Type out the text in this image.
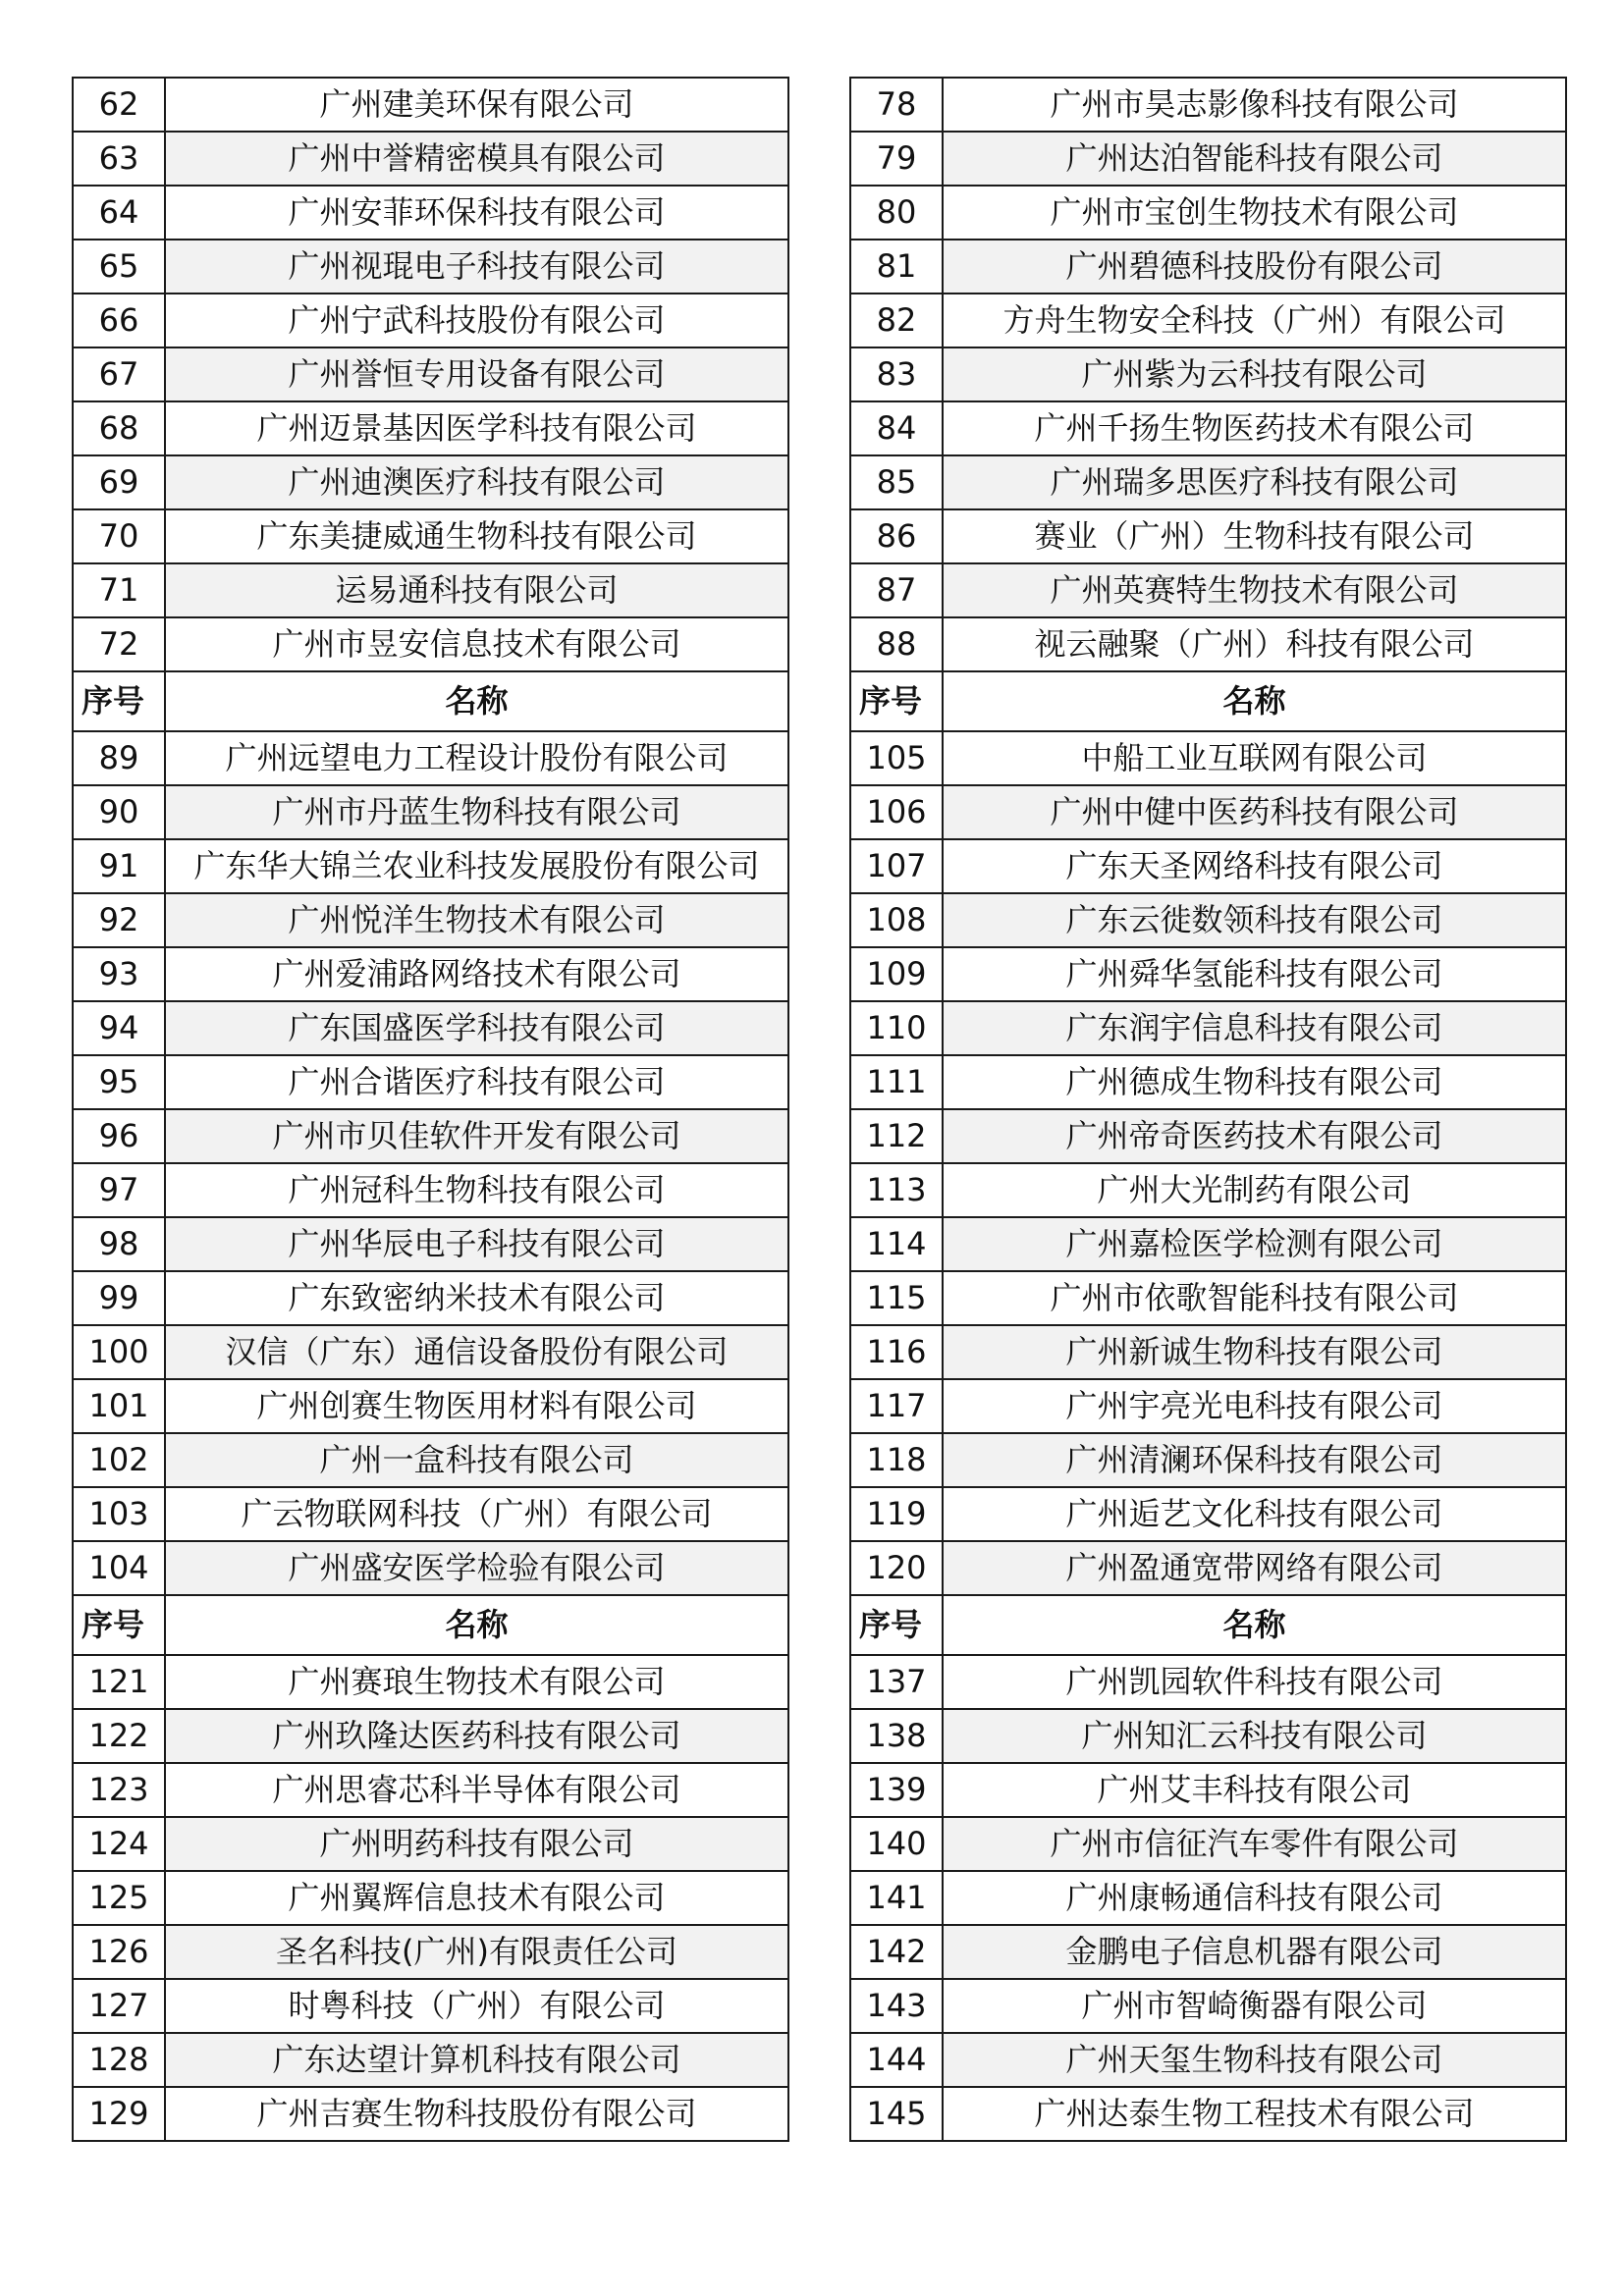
62	广州建美环保有限公司
63	广州中誉精密模具有限公司
64	广州安菲环保科技有限公司
65	广州视琨电子科技有限公司
66	广州宁武科技股份有限公司
67	广州誉恒专用设备有限公司
68	广州迈景基因医学科技有限公司
69	广州迪澳医疗科技有限公司
70	广东美捷威通生物科技有限公司
71	运易通科技有限公司
72	广州市昱安信息技术有限公司
序号	名称
89	广州远望电力工程设计股份有限公司
90	广州市丹蓝生物科技有限公司
91	广东华大锦兰农业科技发展股份有限公司
92	广州悦洋生物技术有限公司
93	广州爱浦路网络技术有限公司
94	广东国盛医学科技有限公司
95	广州合谐医疗科技有限公司
96	广州市贝佳软件开发有限公司
97	广州冠科生物科技有限公司
98	广州华辰电子科技有限公司
99	广东致密纳米技术有限公司
100	汉信（广东）通信设备股份有限公司
101	广州创赛生物医用材料有限公司
102	广州一盒科技有限公司
103	广云物联网科技（广州）有限公司
104	广州盛安医学检验有限公司
序号	名称
121	广州赛琅生物技术有限公司
122	广州玖隆达医药科技有限公司
123	广州思睿芯科半导体有限公司
124	广州明药科技有限公司
125	广州翼辉信息技术有限公司
126	圣名科技(广州)有限责任公司
127	时粤科技（广州）有限公司
128	广东达望计算机科技有限公司
129	广州吉赛生物科技股份有限公司
78	广州市昊志影像科技有限公司
79	广州达泊智能科技有限公司
80	广州市宝创生物技术有限公司
81	广州碧德科技股份有限公司
82	方舟生物安全科技（广州）有限公司
83	广州紫为云科技有限公司
84	广州千扬生物医药技术有限公司
85	广州瑞多思医疗科技有限公司
86	赛业（广州）生物科技有限公司
87	广州英赛特生物技术有限公司
88	视云融聚（广州）科技有限公司
序号	名称
105	中船工业互联网有限公司
106	广州中健中医药科技有限公司
107	广东天圣网络科技有限公司
108	广东云徙数领科技有限公司
109	广州舜华氢能科技有限公司
110	广东润宇信息科技有限公司
111	广州德成生物科技有限公司
112	广州帝奇医药技术有限公司
113	广州大光制药有限公司
114	广州嘉检医学检测有限公司
115	广州市依歌智能科技有限公司
116	广州新诚生物科技有限公司
117	广州宇亮光电科技有限公司
118	广州清澜环保科技有限公司
119	广州逅艺文化科技有限公司
120	广州盈通宽带网络有限公司
序号	名称
137	广州凯园软件科技有限公司
138	广州知汇云科技有限公司
139	广州艾丰科技有限公司
140	广州市信征汽车零件有限公司
141	广州康畅通信科技有限公司
142	金鹏电子信息机器有限公司
143	广州市智崎衡器有限公司
144	广州天玺生物科技有限公司
145	广州达泰生物工程技术有限公司
